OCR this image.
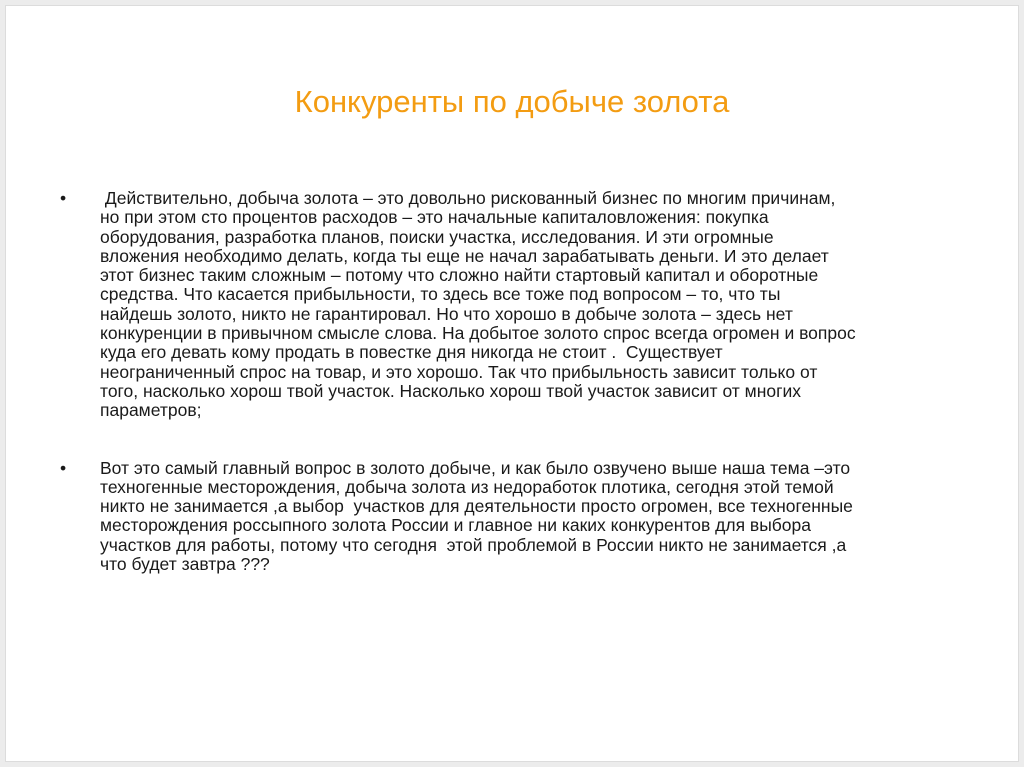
Конкуренты по добыче золота
•	Действительно, добыча золота – это довольно рискованный бизнес по многим причинам,
но при этом сто процентов расходов – это начальные капиталовложения: покупка
оборудования, разработка планов, поиски участка, исследования. И эти огромные
вложения необходимо делать, когда ты еще не начал зарабатывать деньги. И это делает
этот бизнес таким сложным – потому что сложно найти стартовый капитал и оборотные
средства. Что касается прибыльности, то здесь все тоже под вопросом – то, что ты
найдешь золото, никто не гарантировал. Но что хорошо в добыче золота – здесь нет
конкуренции в привычном смысле слова. На добытое золото спрос всегда огромен и вопрос
куда его девать кому продать в повестке дня никогда не стоит .  Существует
неограниченный спрос на товар, и это хорошо. Так что прибыльность зависит только от
того, насколько хорош твой участок. Насколько хорош твой участок зависит от многих
параметров;
•	Вот это самый главный вопрос в золото добыче, и как было озвучено выше наша тема –это
техногенные месторождения, добыча золота из недоработок плотика, сегодня этой темой
никто не занимается ,а выбор  участков для деятельности просто огромен, все техногенные
месторождения россыпного золота России и главное ни каких конкурентов для выбора
участков для работы, потому что сегодня  этой проблемой в России никто не занимается ,а
что будет завтра ???
